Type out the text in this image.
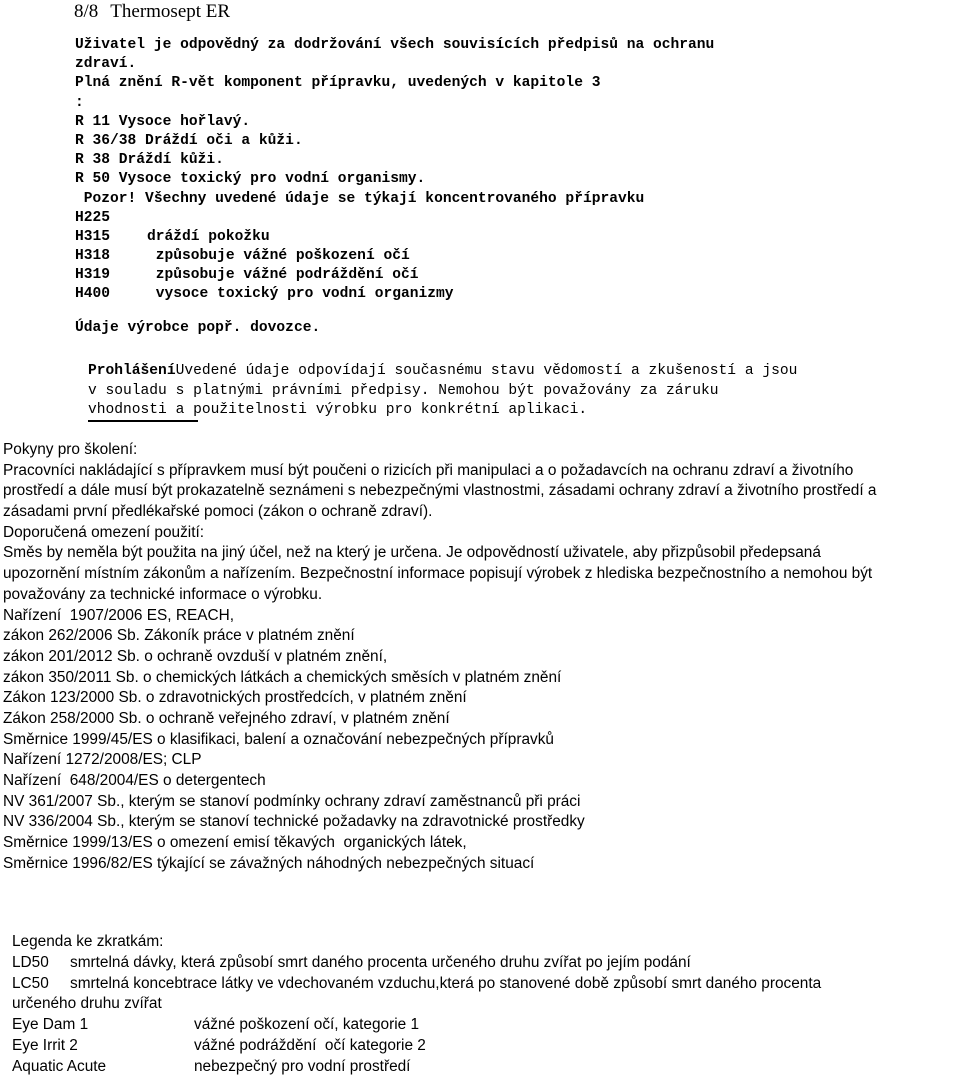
8/8 Thermosept ER
Uživatel je odpovědný za dodržování všech souvisících předpisů na ochranu
zdraví.
Plná znění R-vět komponent přípravku, uvedených v kapitole 3
:
R 11 Vysoce hořlavý.
R 36/38 Dráždí oči a kůži.
R 38 Dráždí kůži.
R 50 Vysoce toxický pro vodní organismy.
Pozor! Všechny uvedené údaje se týkají koncentrovaného přípravku
H225
H315	dráždí pokožku
H318	způsobuje vážné poškození očí
H319	způsobuje vážné podráždění očí
H400	vysoce toxický pro vodní organizmy
Údaje výrobce popř. dovozce.
ProhlášeníUvedené údaje odpovídají současnému stavu vědomostí a zkušeností a jsou
v souladu s platnými právními předpisy. Nemohou být považovány za záruku
vhodnosti a použitelnosti výrobku pro konkrétní aplikaci.
Pokyny pro školení:
Pracovníci nakládající s přípravkem musí být poučeni o rizicích při manipulaci a o požadavcích na ochranu zdraví a životního
prostředí a dále musí být prokazatelně seznámeni s nebezpečnými vlastnostmi, zásadami ochrany zdraví a životního prostředí a
zásadami první předlékařské pomoci (zákon o ochraně zdraví).
Doporučená omezení použití:
Směs by neměla být použita na jiný účel, než na který je určena. Je odpovědností uživatele, aby přizpůsobil předepsaná
upozornění místním zákonům a nařízením. Bezpečnostní informace popisují výrobek z hlediska bezpečnostního a nemohou být
považovány za technické informace o výrobku.
Nařízení  1907/2006 ES, REACH,
zákon 262/2006 Sb. Zákoník práce v platném znění
zákon 201/2012 Sb. o ochraně ovzduší v platném znění,
zákon 350/2011 Sb. o chemických látkách a chemických směsích v platném znění
Zákon 123/2000 Sb. o zdravotnických prostředcích, v platném znění
Zákon 258/2000 Sb. o ochraně veřejného zdraví, v platném znění
Směrnice 1999/45/ES o klasifikaci, balení a označování nebezpečných přípravků
Nařízení 1272/2008/ES; CLP
Nařízení  648/2004/ES o detergentech
NV 361/2007 Sb., kterým se stanoví podmínky ochrany zdraví zaměstnanců při práci
NV 336/2004 Sb., kterým se stanoví technické požadavky na zdravotnické prostředky
Směrnice 1999/13/ES o omezení emisí těkavých  organických látek,
Směrnice 1996/82/ES týkající se závažných náhodných nebezpečných situací
Legenda ke zkratkám:
LD50	smrtelná dávky, která způsobí smrt daného procenta určeného druhu zvířat po jejím podání
LC50	smrtelná koncebtrace látky ve vdechovaném vzduchu,která po stanovené době způsobí smrt daného procenta
určeného druhu zvířat
Eye Dam 1	vážné poškození očí, kategorie 1
Eye Irrit 2	vážné podráždění  očí kategorie 2
Aquatic Acute	nebezpečný pro vodní prostředí
